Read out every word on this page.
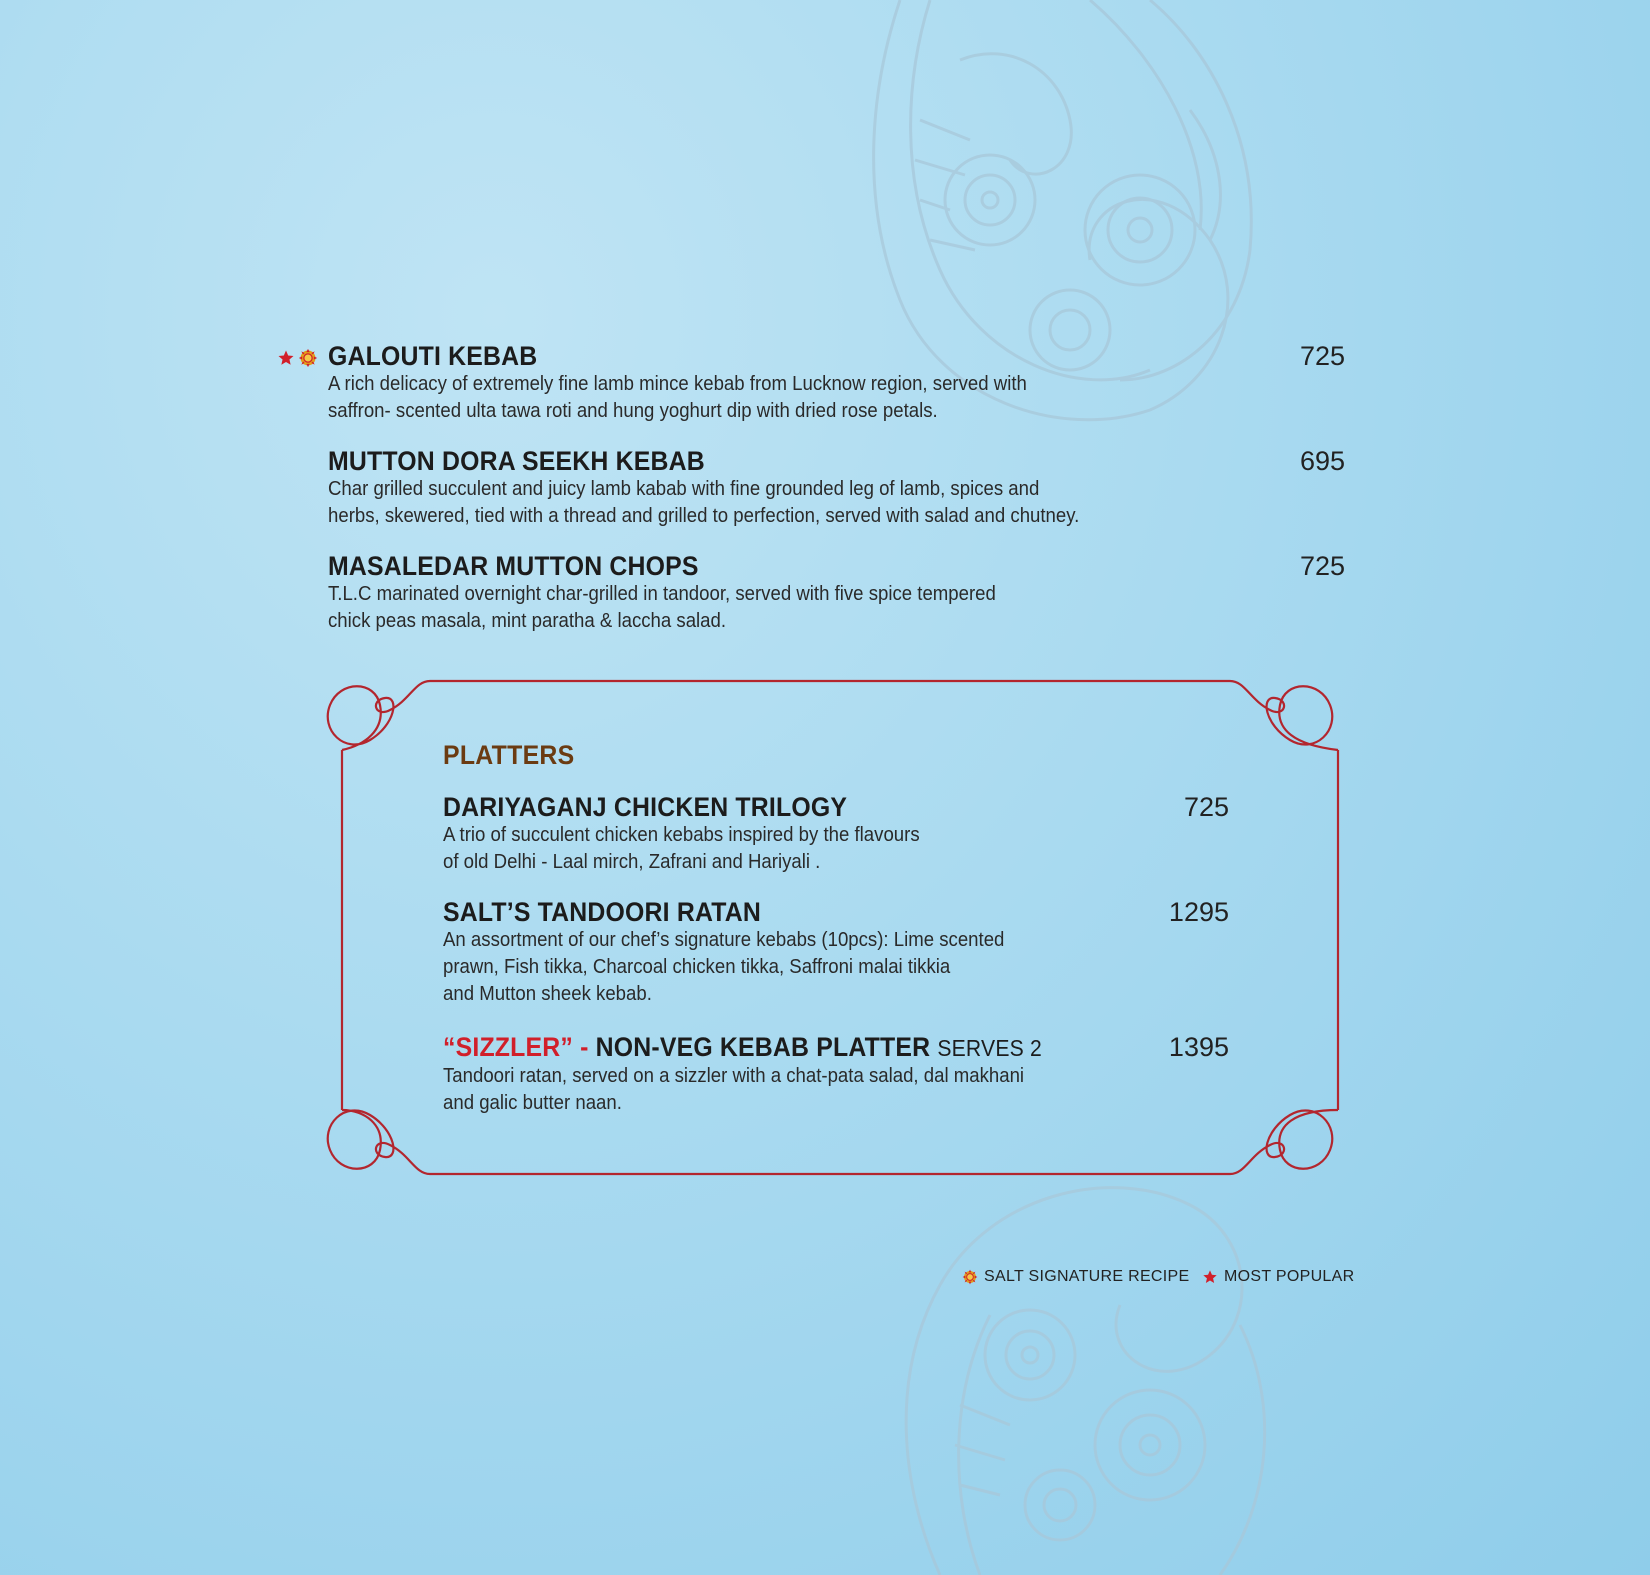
GALOUTI KEBAB	725
A rich delicacy of extremely fine lamb mince kebab from Lucknow region, served with
saffron- scented ulta tawa roti and hung yoghurt dip with dried rose petals.
MUTTON DORA SEEKH KEBAB	695
Char grilled succulent and juicy lamb kabab with fine grounded leg of lamb, spices and
herbs, skewered, tied with a thread and grilled to perfection, served with salad and chutney.
MASALEDAR MUTTON CHOPS	725
T.L.C marinated overnight char-grilled in tandoor, served with five spice tempered
chick peas masala, mint paratha & laccha salad.
PLATTERS
DARIYAGANJ CHICKEN TRILOGY	725
A trio of succulent chicken kebabs inspired by the flavours
of old Delhi - Laal mirch, Zafrani and Hariyali .
SALT’S TANDOORI RATAN	1295
An assortment of our chef’s signature kebabs (10pcs): Lime scented
prawn, Fish tikka, Charcoal chicken tikka, Saffroni malai tikkia
and Mutton sheek kebab.
“SIZZLER” - NON-VEG KEBAB PLATTER SERVES 2	1395
Tandoori ratan, served on a sizzler with a chat-pata salad, dal makhani
and galic butter naan.
SALT SIGNATURE RECIPE MOST POPULAR
